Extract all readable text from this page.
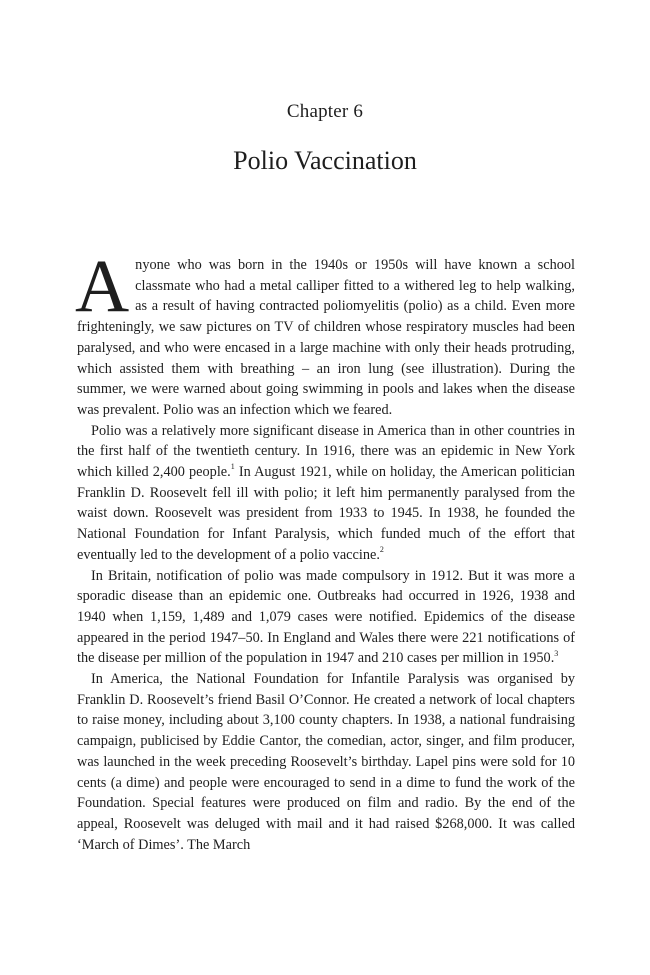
Chapter 6
Polio Vaccination

Anyone who was born in the 1940s or 1950s will have known a school classmate who had a metal calliper fitted to a withered leg to help walking, as a result of having contracted poliomyelitis (polio) as a child. Even more frighteningly, we saw pictures on TV of children whose respiratory muscles had been paralysed, and who were encased in a large machine with only their heads protruding, which assisted them with breathing – an iron lung (see illustration). During the summer, we were warned about going swimming in pools and lakes when the disease was prevalent. Polio was an infection which we feared.

Polio was a relatively more significant disease in America than in other countries in the first half of the twentieth century. In 1916, there was an epidemic in New York which killed 2,400 people.$^1$ In August 1921, while on holiday, the American politician Franklin D. Roosevelt fell ill with polio; it left him permanently paralysed from the waist down. Roosevelt was president from 1933 to 1945. In 1938, he founded the National Foundation for Infant Paralysis, which funded much of the effort that eventually led to the development of a polio vaccine.$^2$

In Britain, notification of polio was made compulsory in 1912. But it was more a sporadic disease than an epidemic one. Outbreaks had occurred in 1926, 1938 and 1940 when 1,159, 1,489 and 1,079 cases were notified. Epidemics of the disease appeared in the period 1947–50. In England and Wales there were 221 notifications of the disease per million of the population in 1947 and 210 cases per million in 1950.$^3$

In America, the National Foundation for Infantile Paralysis was organised by Franklin D. Roosevelt’s friend Basil O’Connor. He created a network of local chapters to raise money, including about 3,100 county chapters. In 1938, a national fundraising campaign, publicised by Eddie Cantor, the comedian, actor, singer, and film producer, was launched in the week preceding Roosevelt’s birthday. Lapel pins were sold for 10 cents (a dime) and people were encouraged to send in a dime to fund the work of the Foundation. Special features were produced on film and radio. By the end of the appeal, Roosevelt was deluged with mail and it had raised $268,000. It was called ‘March of Dimes’. The March
